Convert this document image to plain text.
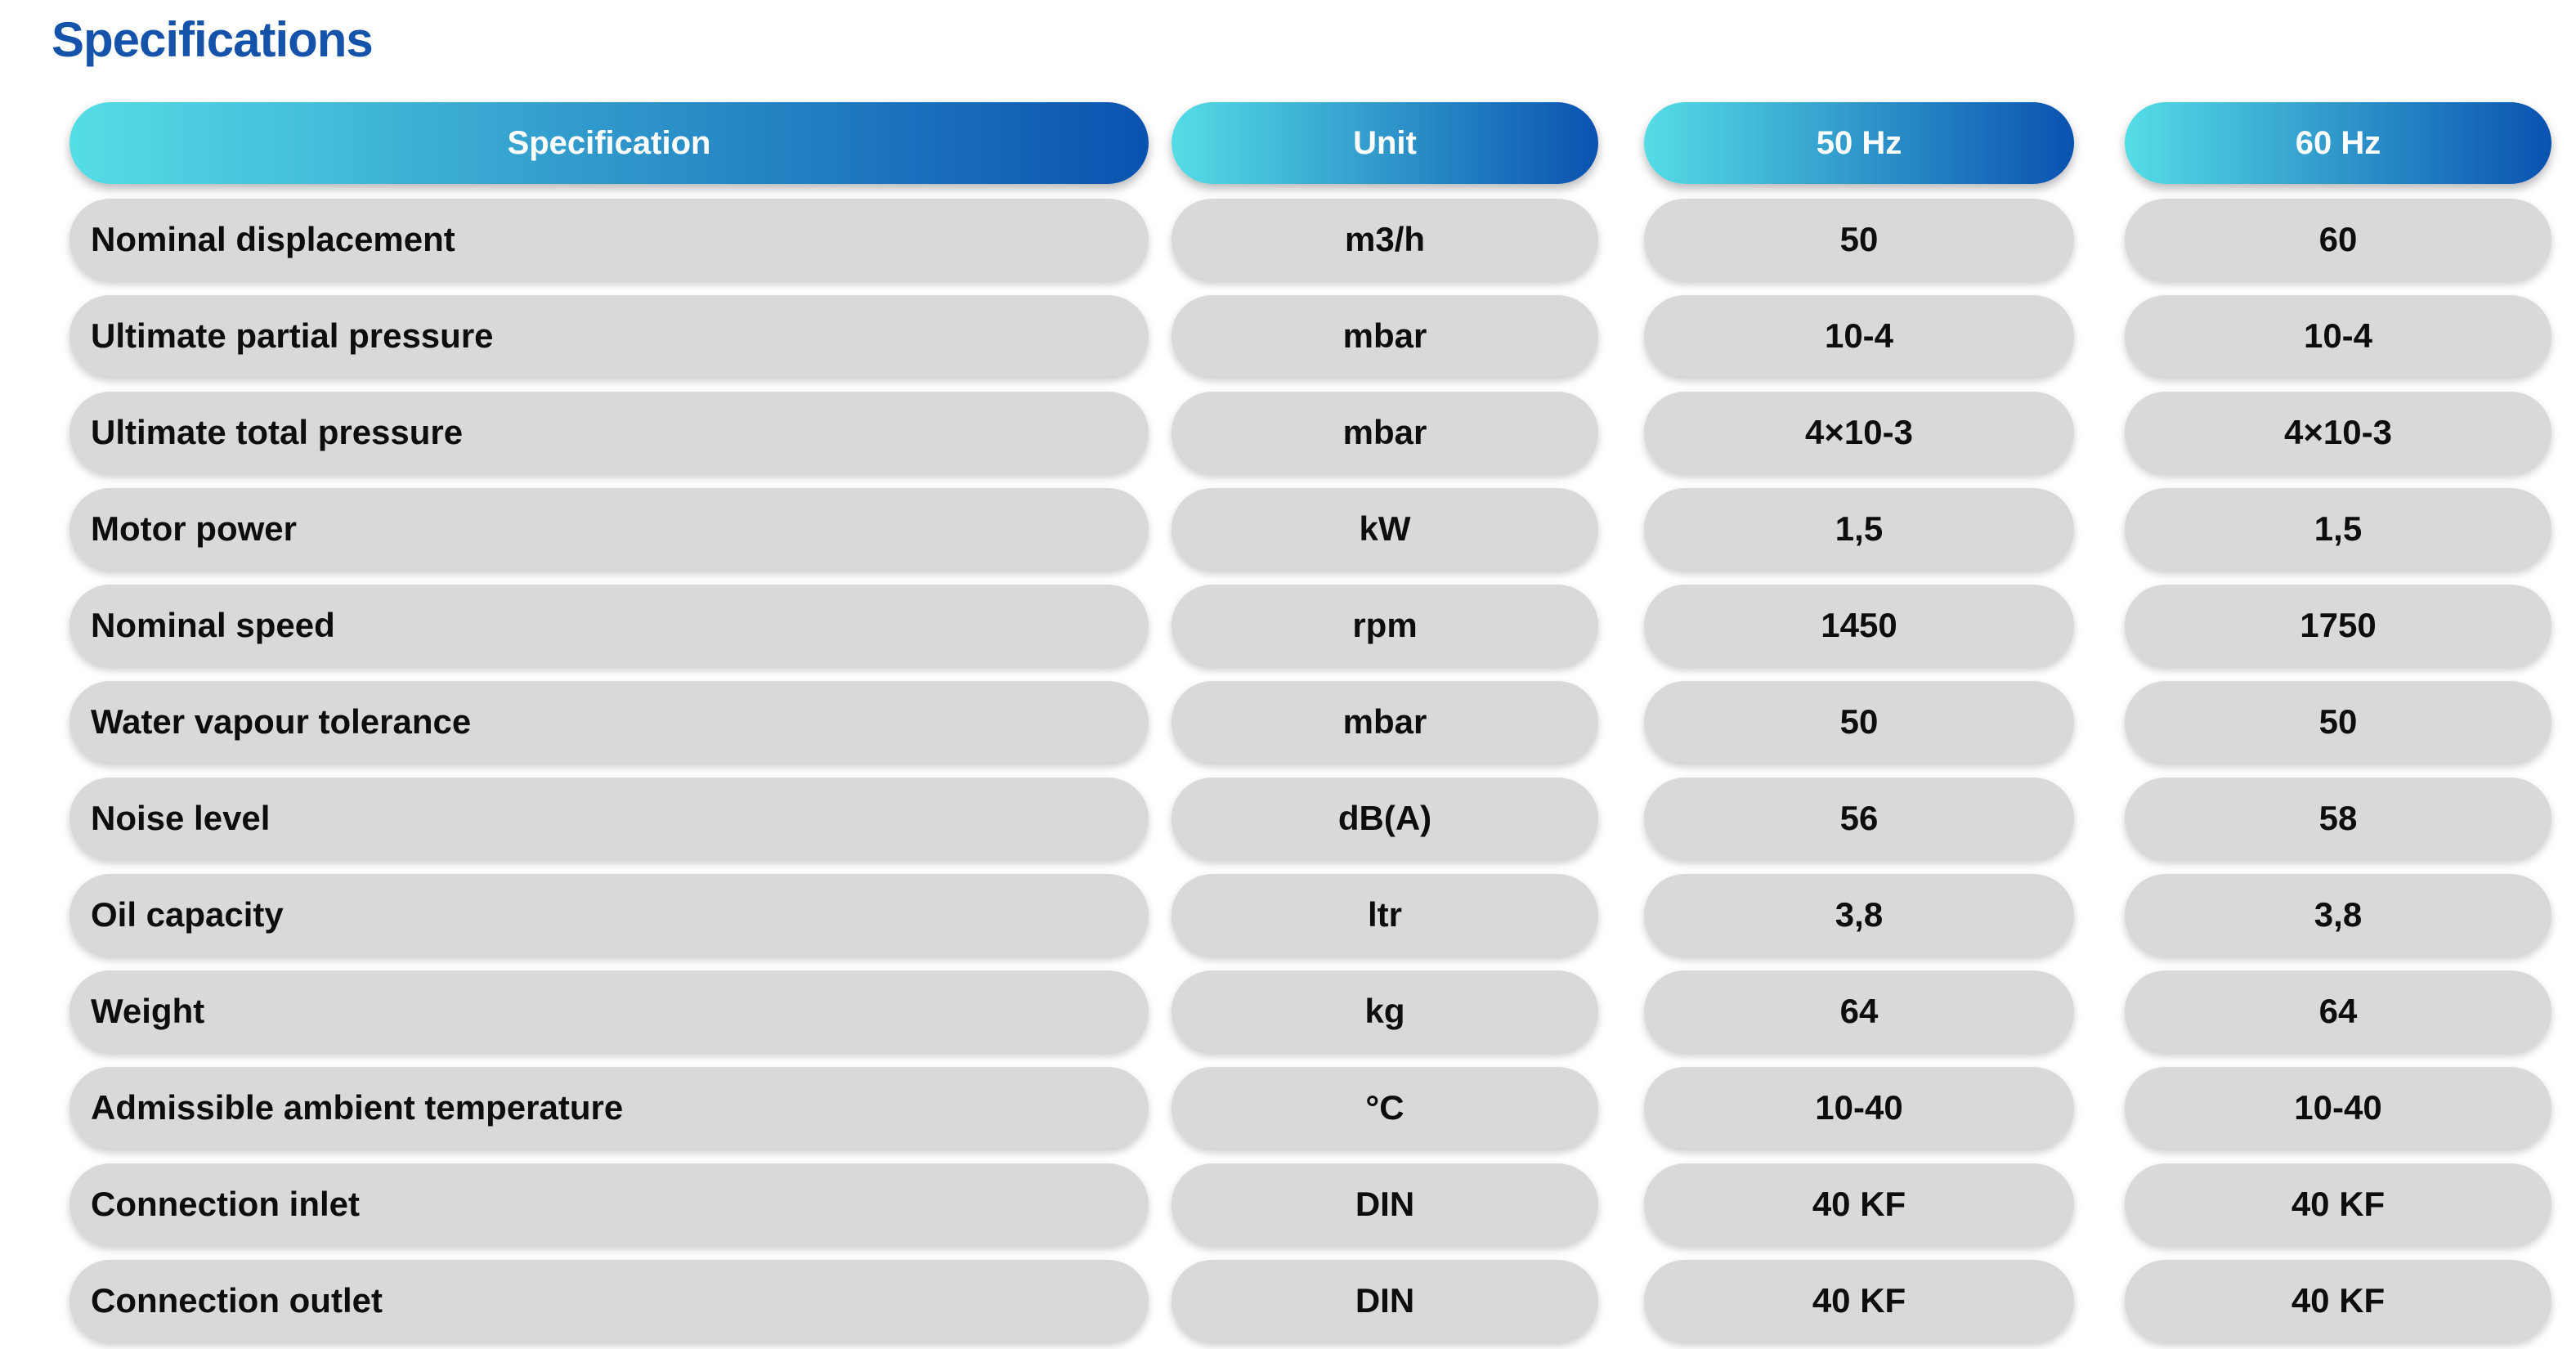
Specifications
Specification	Unit	50 Hz	60 Hz
Nominal displacement	m3/h	50	60
Ultimate partial pressure	mbar	10-4	10-4
Ultimate total pressure	mbar	4×10-3	4×10-3
Motor power	kW	1,5	1,5
Nominal speed	rpm	1450	1750
Water vapour tolerance	mbar	50	50
Noise level	dB(A)	56	58
Oil capacity	ltr	3,8	3,8
Weight	kg	64	64
Admissible ambient temperature	°C	10-40	10-40
Connection inlet	DIN	40 KF	40 KF
Connection outlet	DIN	40 KF	40 KF
